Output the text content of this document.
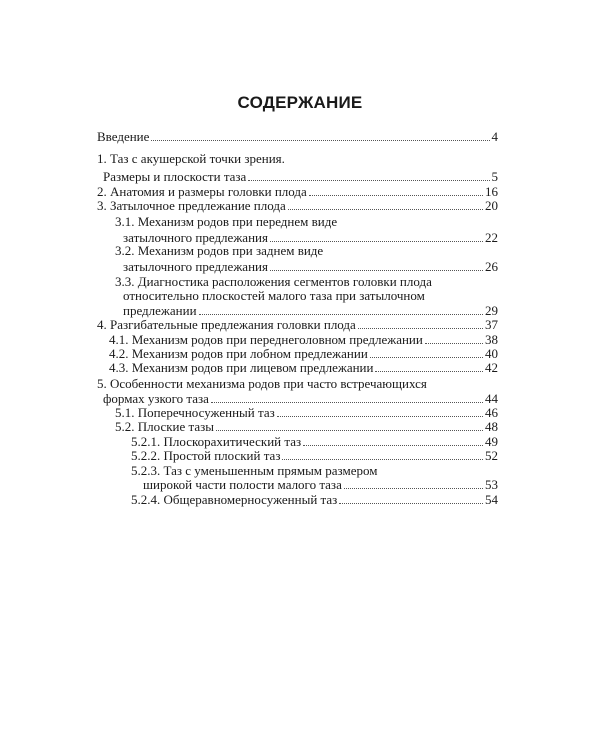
СОДЕРЖАНИЕ
Введение	4
1. Таз с акушерской точки зрения.
Размеры и плоскости таза	5
2. Анатомия и размеры головки плода	16
3. Затылочное предлежание плода	20
3.1. Механизм родов при переднем виде
затылочного предлежания	22
3.2. Механизм родов при заднем виде
затылочного предлежания	26
3.3. Диагностика расположения сегментов головки плода
относительно плоскостей малого таза при затылочном
предлежании	29
4. Разгибательные предлежания головки плода	37
4.1. Механизм родов при переднеголовном предлежании	38
4.2. Механизм родов при лобном предлежании	40
4.3. Механизм родов при лицевом предлежании	42
5. Особенности механизма родов при часто встречающихся
формах узкого таза	44
5.1. Поперечносуженный таз	46
5.2. Плоские тазы	48
5.2.1. Плоскорахитический таз	49
5.2.2. Простой плоский таз	52
5.2.3. Таз с уменьшенным прямым размером
широкой части полости малого таза	53
5.2.4. Общеравномерносуженный таз	54
